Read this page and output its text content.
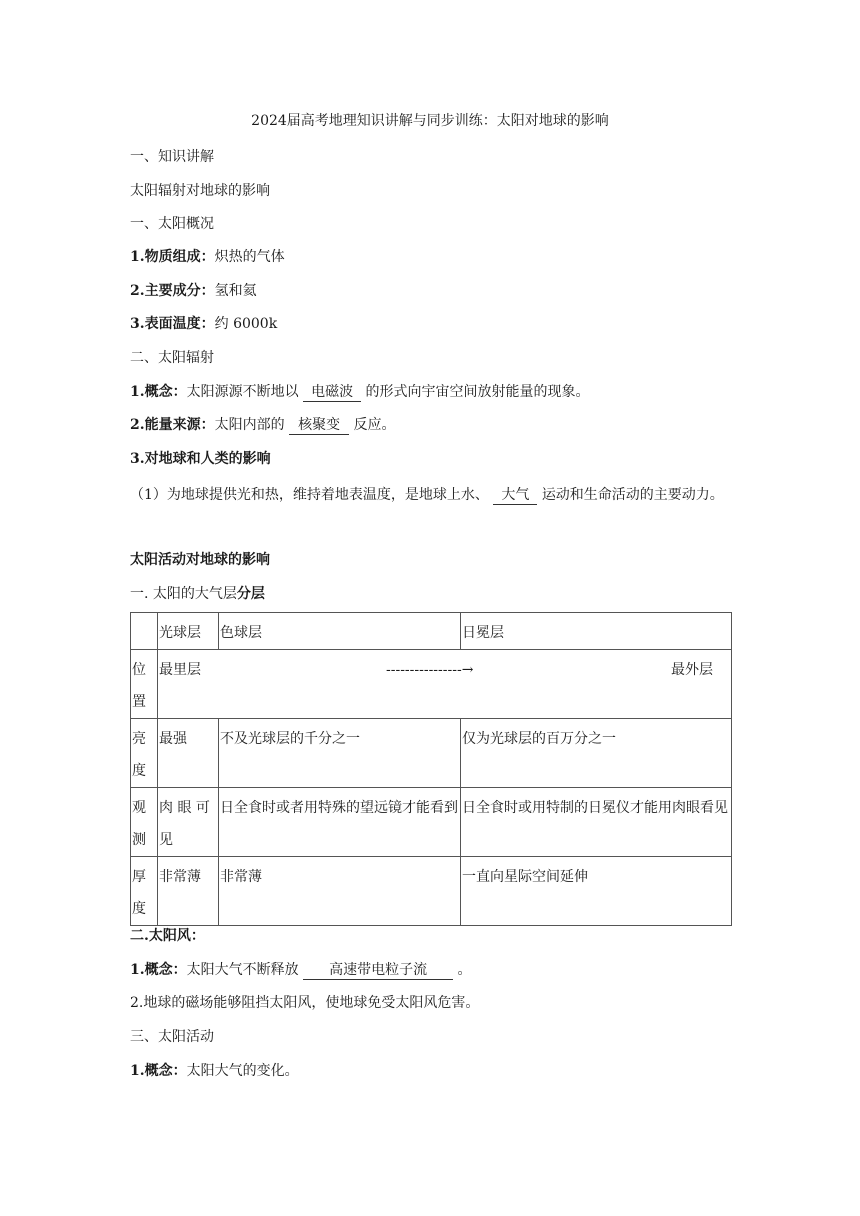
2024届高考地理知识讲解与同步训练：太阳对地球的影响
一、知识讲解
太阳辐射对地球的影响
一、太阳概况
1.物质组成：炽热的气体
2.主要成分：氢和氦
3.表面温度：约 6000k
二、太阳辐射
1.概念：太阳源源不断地以 电磁波 的形式向宇宙空间放射能量的现象。
2.能量来源：太阳内部的 核聚变 反应。
3.对地球和人类的影响
（1）为地球提供光和热，维持着地表温度，是地球上水、 大气 运动和生命活动的主要动力。
太阳活动对地球的影响
一. 太阳的大气层分层
	光球层	色球层	日冕层
位置	最里层 ----------------→ 最外层		

亮度	最强	不及光球层的千分之一	仅为光球层的百万分之一
观测	肉 眼 可见	日全食时或者用特殊的望远镜才能看到	日全食时或用特制的日冕仪才能用肉眼看见
厚度	非常薄	非常薄	一直向星际空间延伸
二.太阳风：
1.概念：太阳大气不断释放 高速带电粒子流 。
2.地球的磁场能够阻挡太阳风，使地球免受太阳风危害。
三、太阳活动
1.概念：太阳大气的变化。
